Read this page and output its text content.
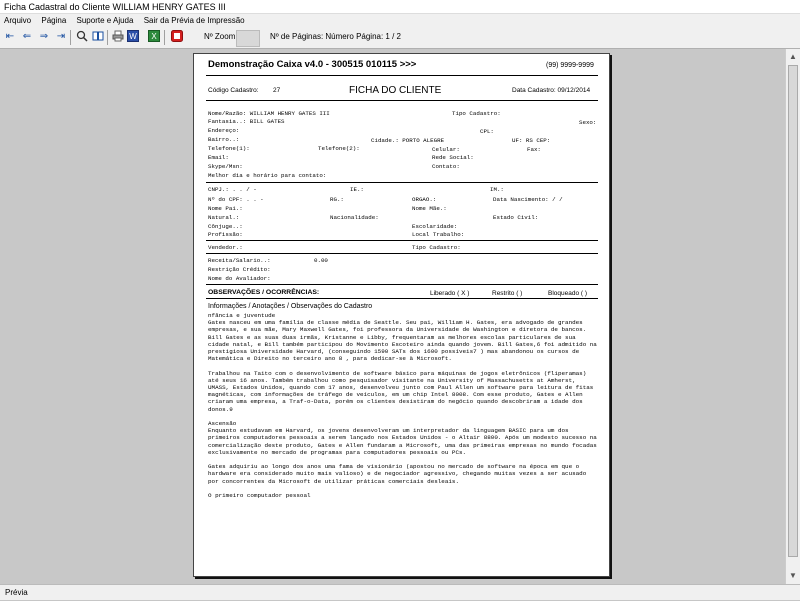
Ficha Cadastral do Cliente WILLIAM HENRY GATES III
Arquivo Página Suporte e Ajuda Sair da Prévia de Impressão
⇤ ⇐ ⇒ ⇥	W X	Nº Zoom	Nº de Páginas: Número Página: 1 / 2
▲
▼
Demonstração Caixa v4.0 - 300515 010115 >>>	(99) 9999-9999
Código Cadastro: 27	FICHA DO CLIENTE	Data Cadastro: 09/12/2014
Nome/Razão: WILLIAM HENRY GATES III	Tipo Cadastro:
Fantasia..: BILL GATES	Sexo:
Endereço:	CPL:
Bairro..:	Cidade.: PORTO ALEGRE	UF: RS CEP:
Telefone(1):	Telefone(2):	Celular:	Fax:
Email:	Rede Social:
Skype/Msn:	Contato:
Melhor dia e horário para contato:
CNPJ.: . . / -	IE.:	IM.:
Nº do CPF: . . -	RG.:	ORGAO.:	Data Nascimento: / /
Nome Pai.:	Nome Mãe.:
Natural.:	Nacionalidade:	Estado Civil:
Cônjuge..:	Escolaridade:
Profissão:	Local Trabalho:
Vendedor.:	Tipo Cadastro:
Receita/Salario..:	0.00
Restrição Crédito:
Nome do Avaliador:
OBSERVAÇÕES / OCORRÊNCIAS:	Liberado ( X )	Restrito ( )	Bloqueado ( )
Informações / Anotações / Observações do Cadastro
nfância e juventude
Gates nasceu em uma família de classe média de Seattle. Seu pai, William H. Gates, era advogado de grandes empresas, e sua mãe, Mary Maxwell Gates, foi professora da Universidade de Washington e diretora de bancos. Bill Gates e as suas duas irmãs, Kristanne e Libby, frequentaram as melhores escolas particulares de sua cidade natal, e Bill também participou do Movimento Escoteiro ainda quando jovem. Bill Gates,6 foi admitido na prestigiosa Universidade Harvard, (conseguindo 1590 SATs dos 1600 possíveis7 ) mas abandonou os cursos de Matemática e Direito no terceiro ano 8 , para dedicar-se à Microsoft.

Trabalhou na Taito com o desenvolvimento de software básico para máquinas de jogos eletrônicos (fliperamas) até seus 16 anos. Também trabalhou como pesquisador visitante na University of Massachusetts at Amherst, UMASS, Estados Unidos, quando com 17 anos, desenvolveu junto com Paul Allen um software para leitura de fitas magnéticas, com informações de tráfego de veículos, em um chip Intel 8008. Com esse produto, Gates e Allen criaram uma empresa, a Traf-o-Data, porém os clientes desistiram do negócio quando descobriram a idade dos donos.9

Ascensão
Enquanto estudavam em Harvard, os jovens desenvolveram um interpretador da linguagem BASIC para um dos primeiros computadores pessoais a serem lançado nos Estados Unidos - o Altair 8800. Após um modesto sucesso na comercialização deste produto, Gates e Allen fundaram a Microsoft, uma das primeiras empresas no mundo focadas exclusivamente no mercado de programas para computadores pessoais ou PCs.

Gates adquiriu ao longo dos anos uma fama de visionário (apostou no mercado de software na época em que o hardware era considerado muito mais valioso) e de negociador agressivo, chegando muitas vezes a ser acusado por concorrentes da Microsoft de utilizar práticas comerciais desleais.

O primeiro computador pessoal
Prévia
